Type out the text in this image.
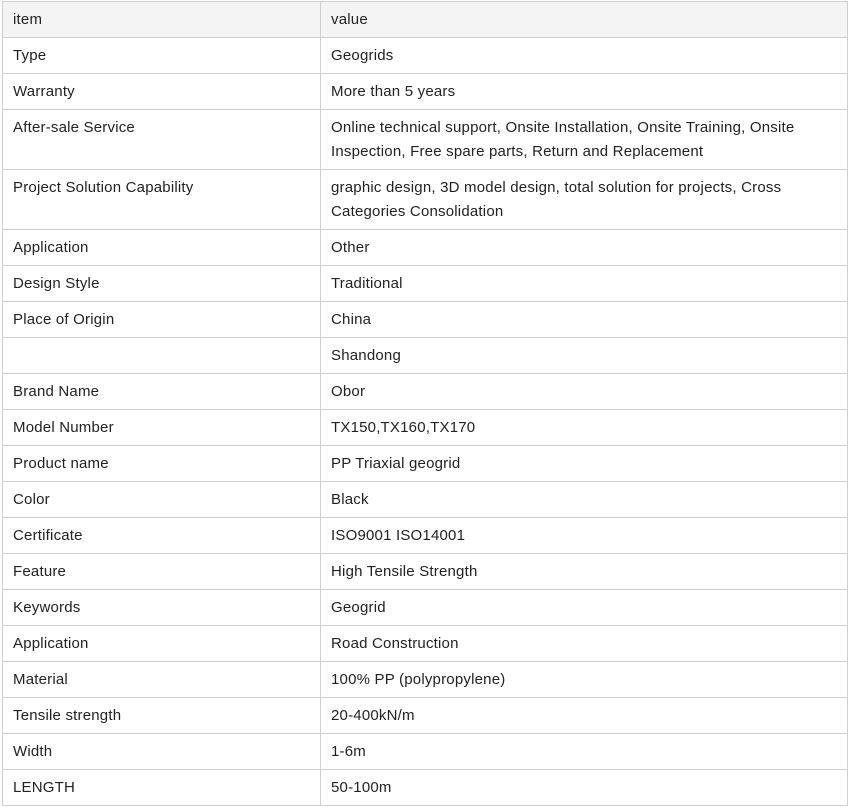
item	value
Type	Geogrids
Warranty	More than 5 years
After-sale Service	Online technical support, Onsite Installation, Onsite Training, Onsite Inspection, Free spare parts, Return and Replacement
Project Solution Capability	graphic design, 3D model design, total solution for projects, Cross Categories Consolidation
Application	Other
Design Style	Traditional
Place of Origin	China
	Shandong
Brand Name	Obor
Model Number	TX150,TX160,TX170
Product name	PP Triaxial geogrid
Color	Black
Certificate	ISO9001 ISO14001
Feature	High Tensile Strength
Keywords	Geogrid
Application	Road Construction
Material	100% PP (polypropylene)
Tensile strength	20-400kN/m
Width	1-6m
LENGTH	50-100m
